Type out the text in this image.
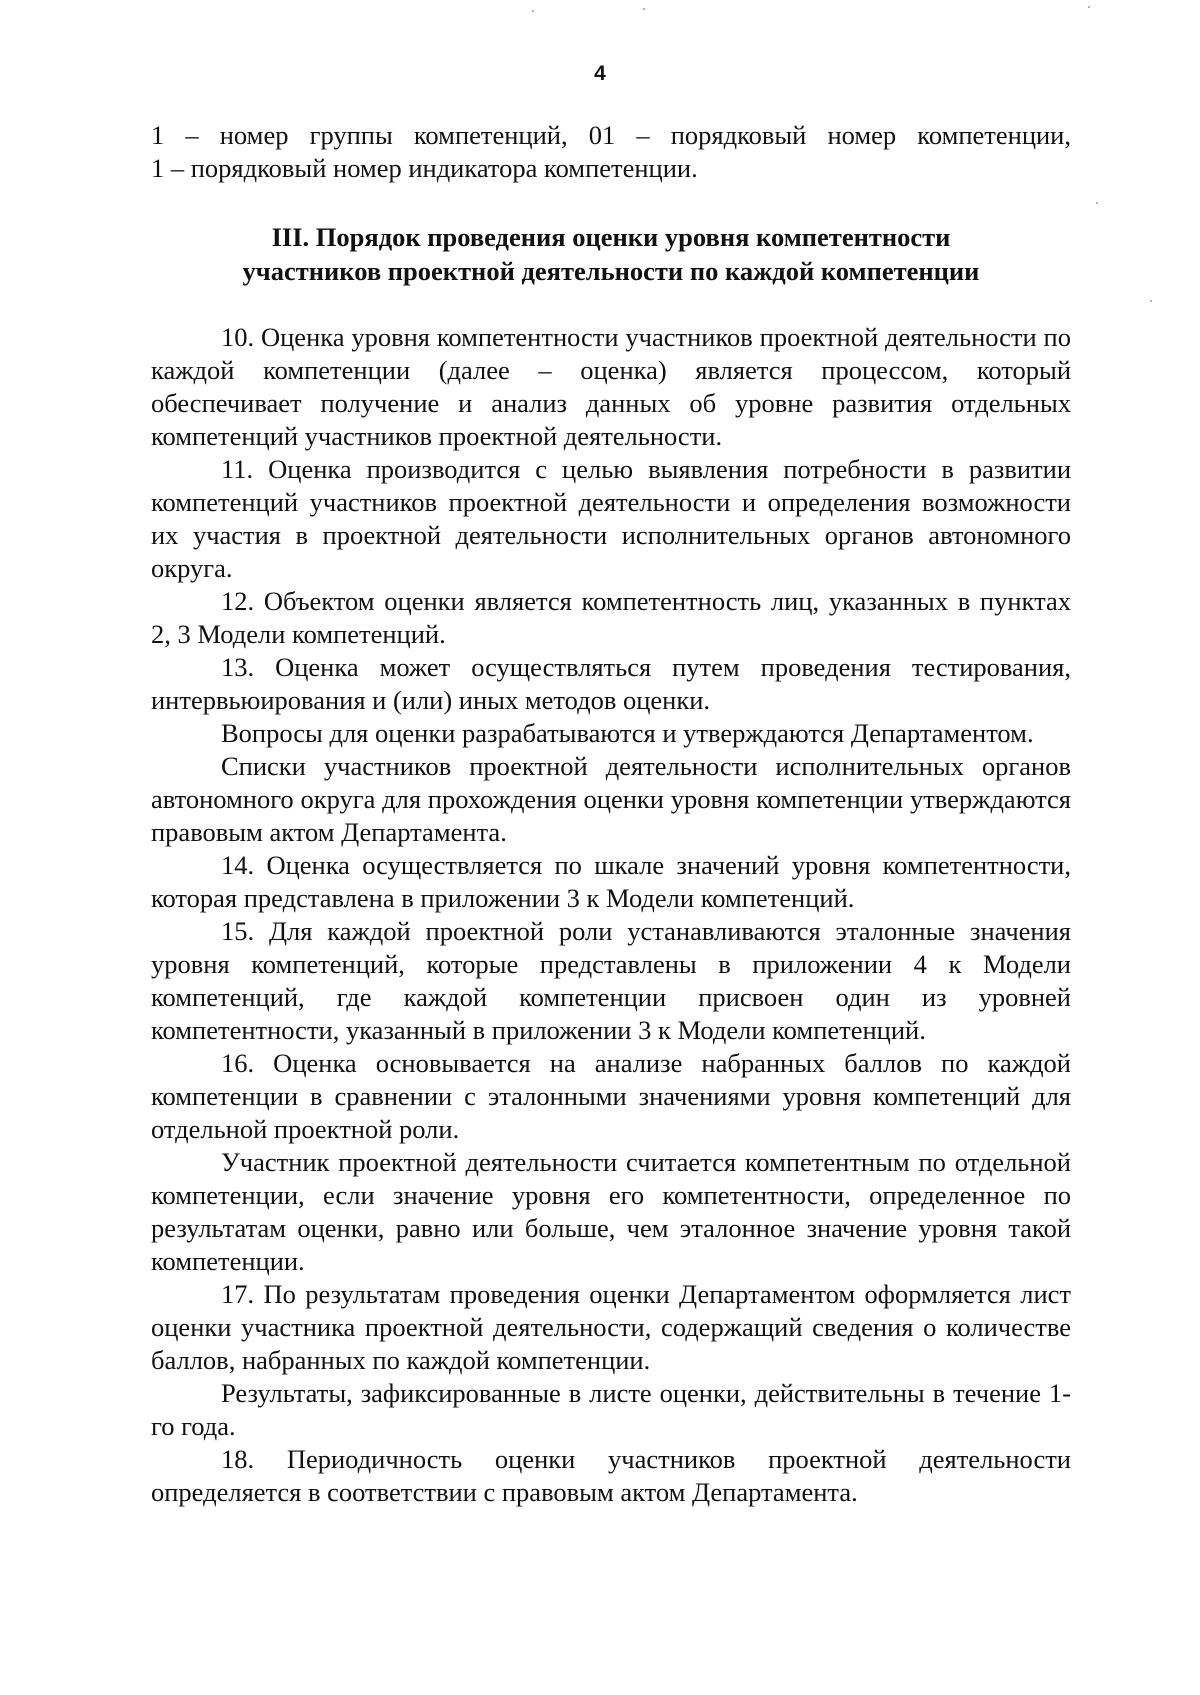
4

1 – номер группы компетенций, 01 – порядковый номер компетенции,

1 – порядковый номер индикатора компетенции.

III. Порядок проведения оценки уровня компетентности
участников проектной деятельности по каждой компетенции

10. Оценка уровня компетентности участников проектной деятельности по каждой компетенции (далее – оценка) является процессом, который обеспечивает получение и анализ данных об уровне развития отдельных компетенций участников проектной деятельности.

11. Оценка производится с целью выявления потребности в развитии компетенций участников проектной деятельности и определения возможности их участия в проектной деятельности исполнительных органов автономного округа.

12. Объектом оценки является компетентность лиц, указанных в пунктах 2, 3 Модели компетенций.

13. Оценка может осуществляться путем проведения тестирования, интервьюирования и (или) иных методов оценки.

Вопросы для оценки разрабатываются и утверждаются Департаментом.

Списки участников проектной деятельности исполнительных органов автономного округа для прохождения оценки уровня компетенции утверждаются правовым актом Департамента.

14. Оценка осуществляется по шкале значений уровня компетентности, которая представлена в приложении 3 к Модели компетенций.

15. Для каждой проектной роли устанавливаются эталонные значения уровня компетенций, которые представлены в приложении 4 к Модели компетенций, где каждой компетенции присвоен один из уровней компетентности, указанный в приложении 3 к Модели компетенций.

16. Оценка основывается на анализе набранных баллов по каждой компетенции в сравнении с эталонными значениями уровня компетенций для отдельной проектной роли.

Участник проектной деятельности считается компетентным по отдельной компетенции, если значение уровня его компетентности, определенное по результатам оценки, равно или больше, чем эталонное значение уровня такой компетенции.

17. По результатам проведения оценки Департаментом оформляется лист оценки участника проектной деятельности, содержащий сведения о количестве баллов, набранных по каждой компетенции.

Результаты, зафиксированные в листе оценки, действительны в течение 1-го года.

18. Периодичность оценки участников проектной деятельности определяется в соответствии с правовым актом Департамента.
